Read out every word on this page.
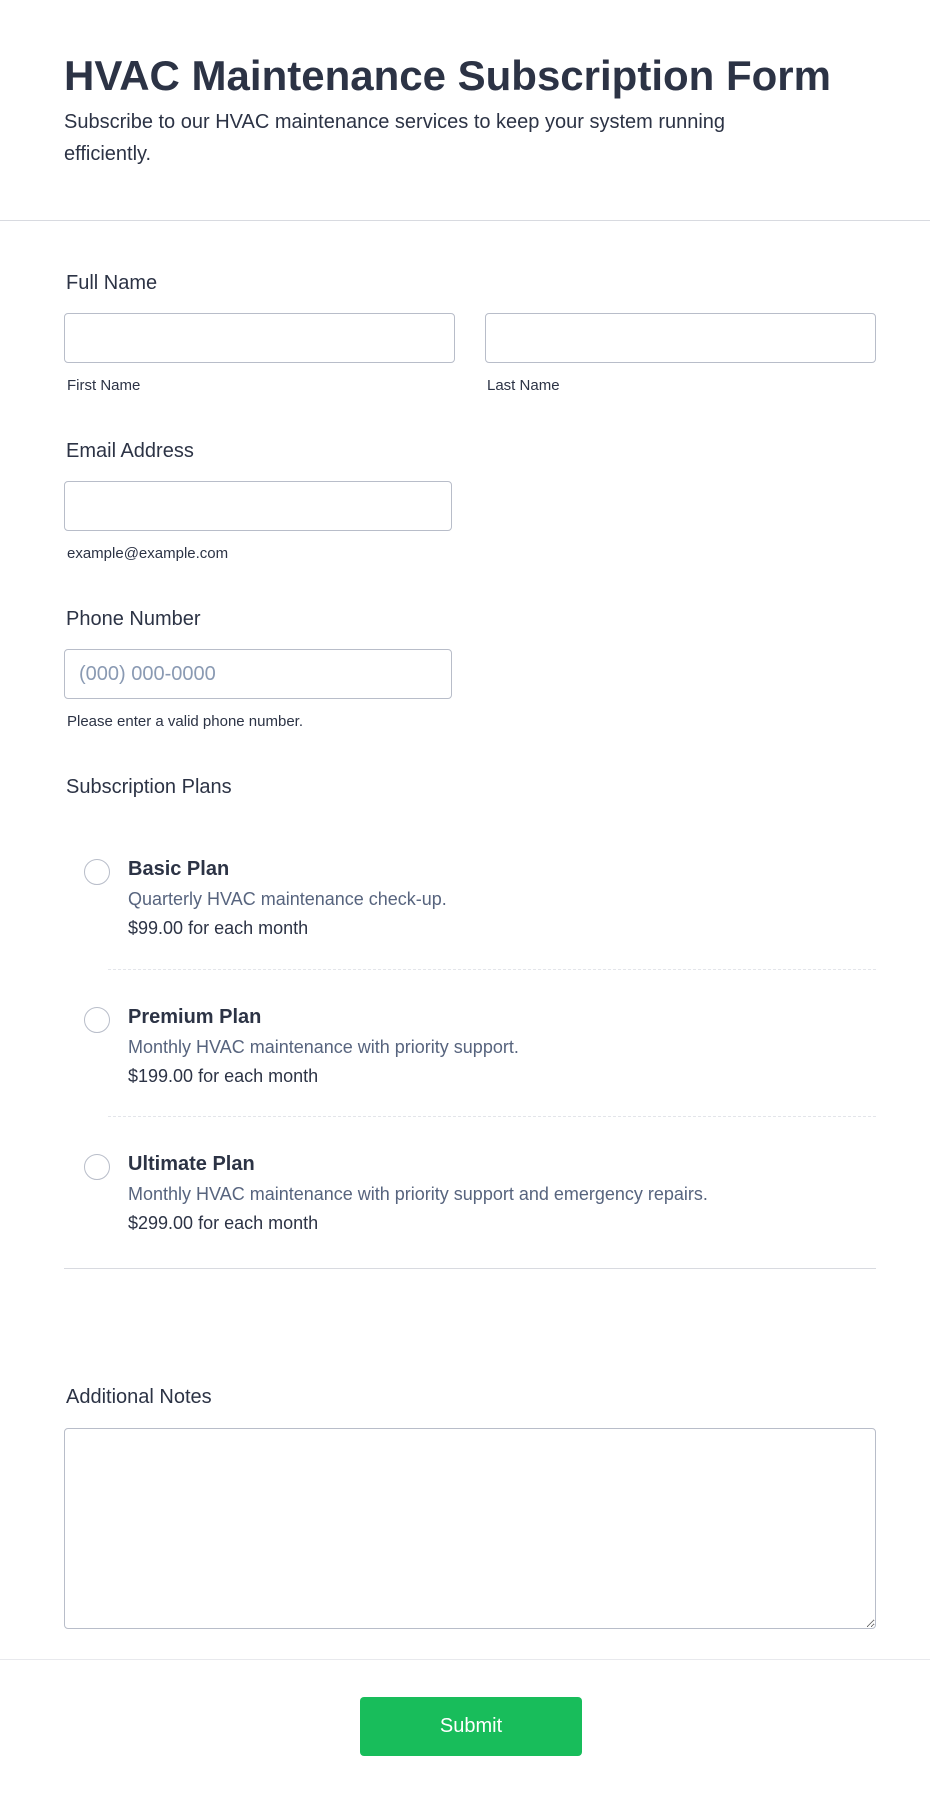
HVAC Maintenance Subscription Form

Subscribe to our HVAC maintenance services to keep your system running efficiently.

Full Name
First Name	Last Name
Email Address
example@example.com
Phone Number
(000) 000-0000
Please enter a valid phone number.
Subscription Plans
Basic Plan
Quarterly HVAC maintenance check-up.
$99.00 for each month
Premium Plan
Monthly HVAC maintenance with priority support.
$199.00 for each month
Ultimate Plan
Monthly HVAC maintenance with priority support and emergency repairs.
$299.00 for each month
Additional Notes
Submit
